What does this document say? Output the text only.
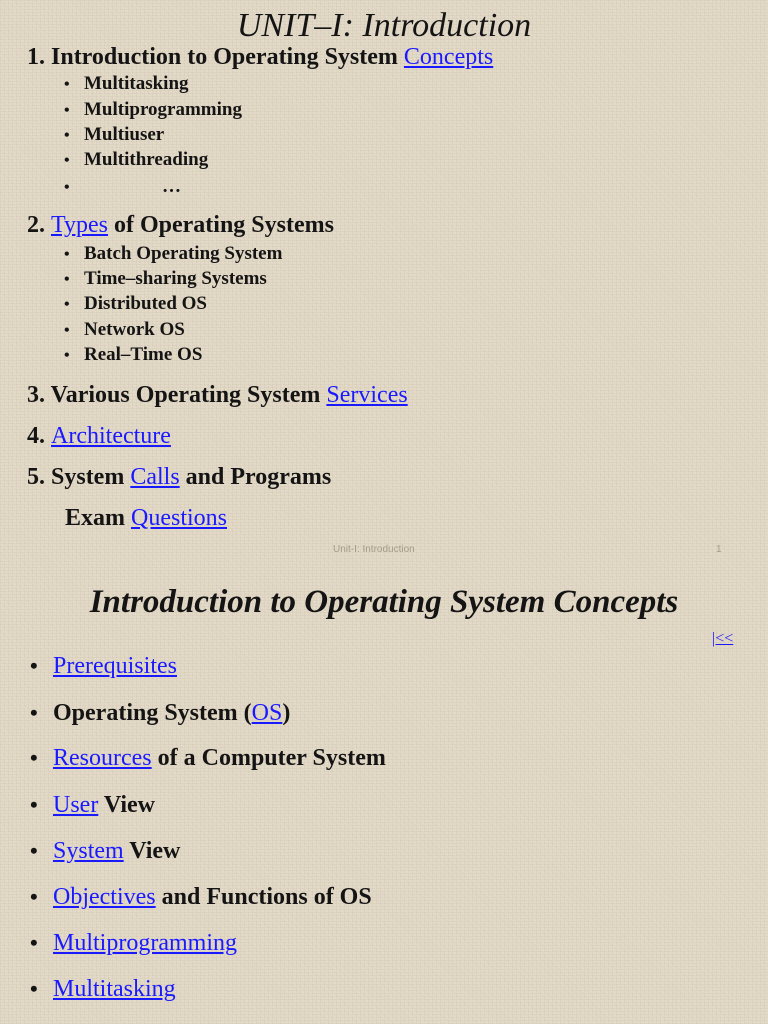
UNIT–I: Introduction
1. Introduction to Operating System Concepts
• Multitasking
• Multiprogramming
• Multiuser
• Multithreading
•	…
2. Types of Operating Systems
• Batch Operating System
• Time–sharing Systems
• Distributed OS
• Network OS
• Real–Time OS
3. Various Operating System Services
4. Architecture
5. System Calls and Programs
Exam Questions
Unit-I: Introduction	1
Introduction to Operating System Concepts
|<<
• Prerequisites
• Operating System (OS)
• Resources of a Computer System
• User View
• System View
• Objectives and Functions of OS
• Multiprogramming
• Multitasking
